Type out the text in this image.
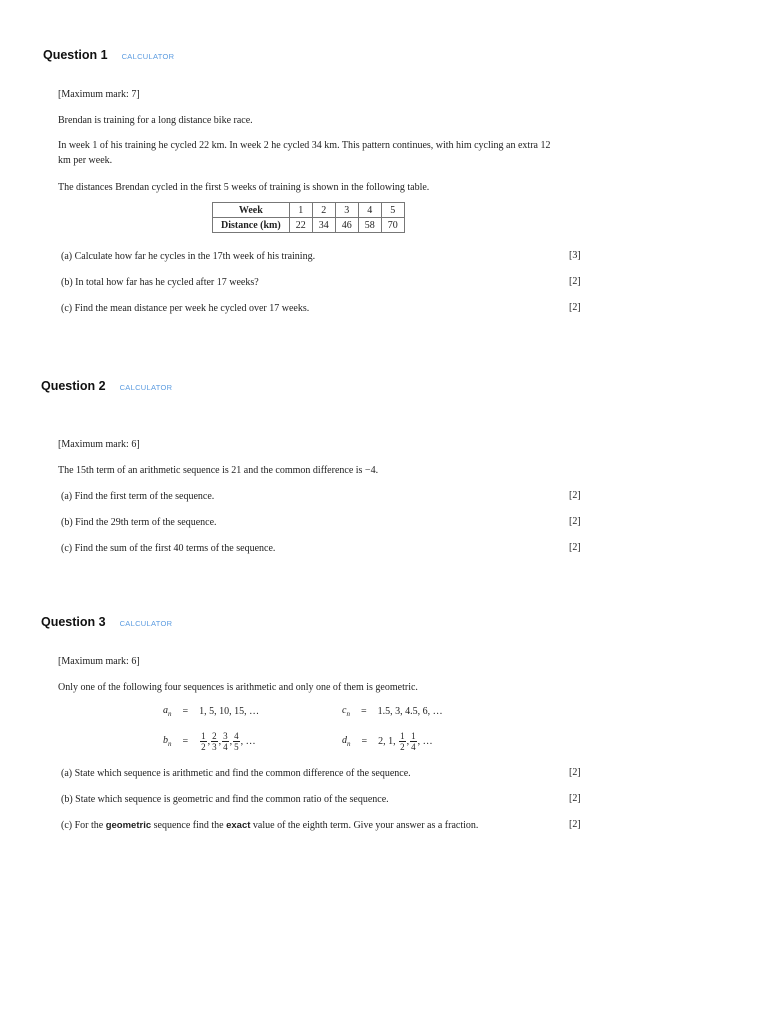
Question 1 CALCULATOR
[Maximum mark: 7]
Brendan is training for a long distance bike race.
In week 1 of his training he cycled 22 km. In week 2 he cycled 34 km. This pattern continues, with him cycling an extra 12 km per week.
The distances Brendan cycled in the first 5 weeks of training is shown in the following table.
Week	1	2	3	4	5
Distance (km)	22	34	46	58	70
(a) Calculate how far he cycles in the 17th week of his training.	[3]
(b) In total how far has he cycled after 17 weeks?	[2]
(c) Find the mean distance per week he cycled over 17 weeks.	[2]
Question 2 CALCULATOR
[Maximum mark: 6]
The 15th term of an arithmetic sequence is 21 and the common difference is −4.
(a) Find the first term of the sequence.	[2]
(b) Find the 29th term of the sequence.	[2]
(c) Find the sum of the first 40 terms of the sequence.	[2]
Question 3 CALCULATOR
[Maximum mark: 6]
Only one of the following four sequences is arithmetic and only one of them is geometric.
$a_n = 1$, 5, 10, 15, …	$c_n = 1.5$, 3, 4.5, 6, …
$b_n = \frac{1}{2}$ , $\frac{2}{3}$ , $\frac{3}{4}$ , $\frac{4}{5}$ , …	$d_n = 2$, 1, $\frac{1}{2}$ , $\frac{1}{4}$ , …
(a) State which sequence is arithmetic and find the common difference of the sequence.	[2]
(b) State which sequence is geometric and find the common ratio of the sequence.	[2]
(c) For the geometric sequence find the exact value of the eighth term. Give your answer as a fraction.	[2]
